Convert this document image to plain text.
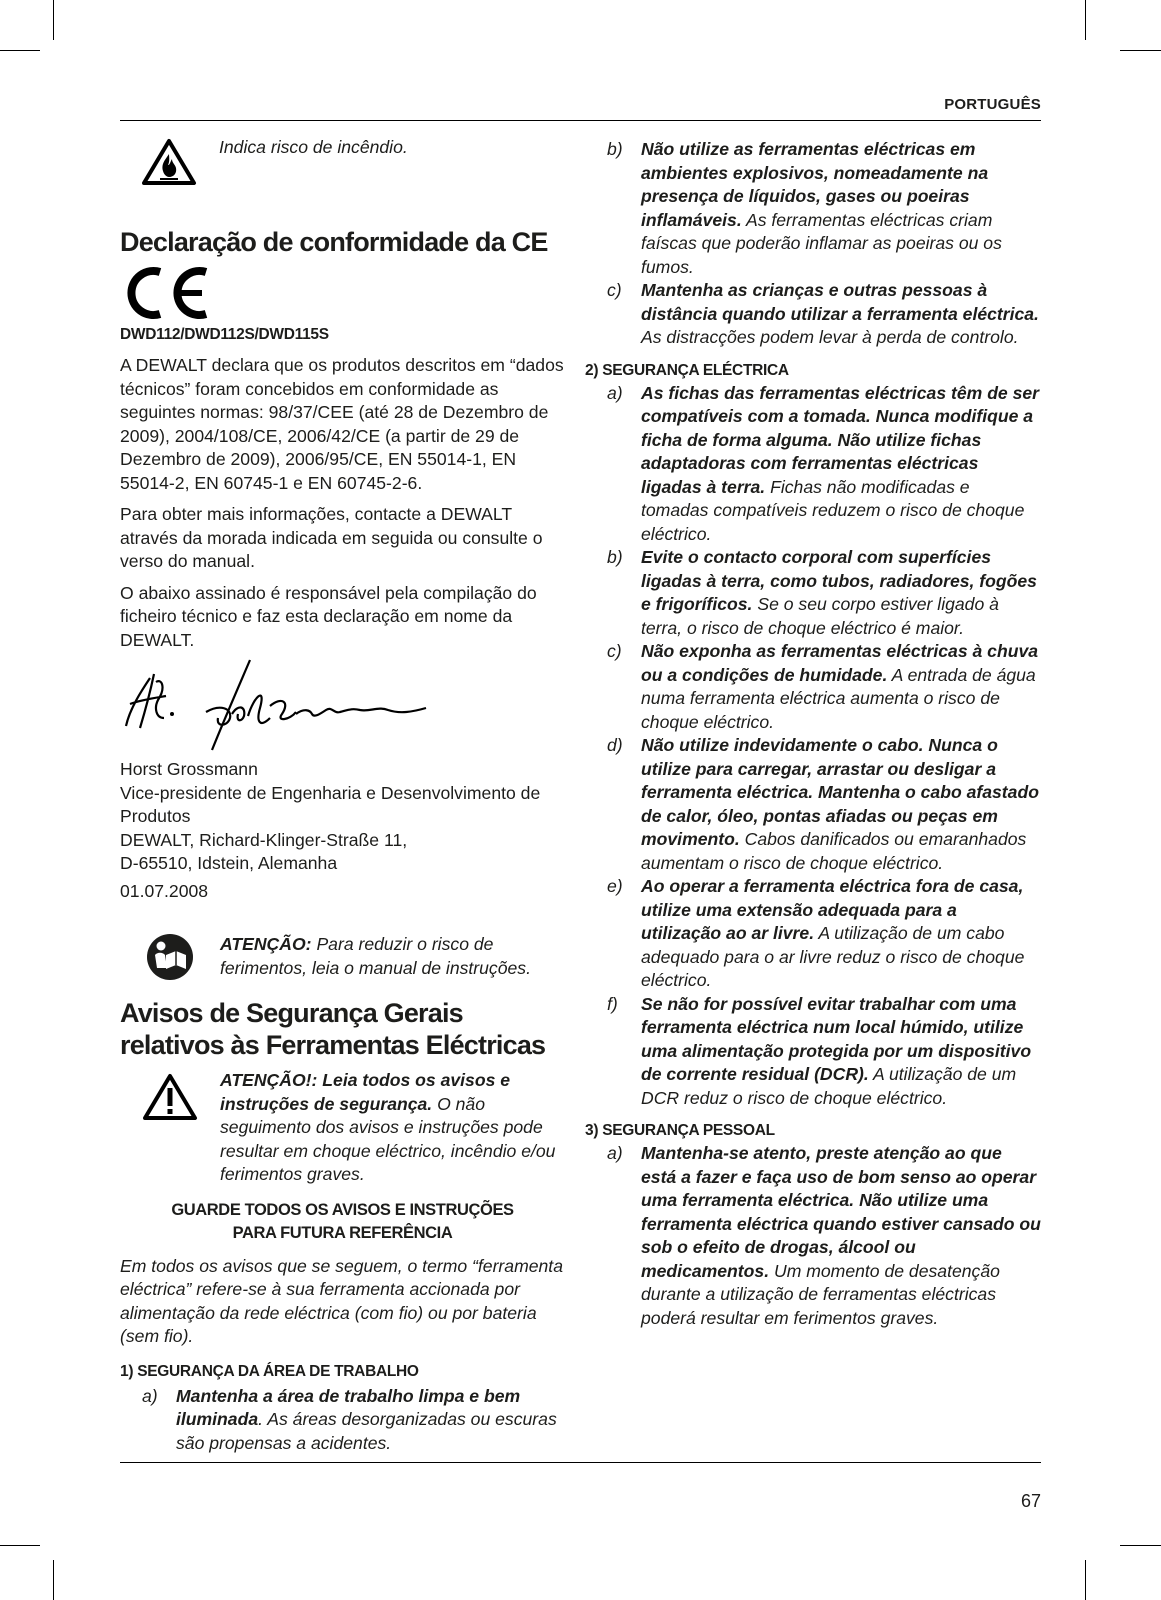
PORTUGUÊS

Indica risco de incêndio.

Declaração de conformidade da CE
DWD112/DWD112S/DWD115S

A DEWALT declara que os produtos descritos em “dados técnicos” foram concebidos em conformidade as seguintes normas: 98/37/CEE (até 28 de Dezembro de 2009), 2004/108/CE, 2006/42/CE (a partir de 29 de Dezembro de 2009), 2006/95/CE, EN 55014-1, EN 55014-2, EN 60745-1 e EN 60745-2-6.

Para obter mais informações, contacte a DEWALT através da morada indicada em seguida ou consulte o verso do manual.

O abaixo assinado é responsável pela compilação do ficheiro técnico e faz esta declaração em nome da DEWALT.

Horst Grossmann

Vice-presidente de Engenharia e Desenvolvimento de Produtos

DEWALT, Richard-Klinger-Straße 11,

D-65510, Idstein, Alemanha

01.07.2008

ATENÇÃO: Para reduzir o risco de ferimentos, leia o manual de instruções.

Avisos de Segurança Gerais relativos às Ferramentas Eléctricas

ATENÇÃO!: Leia todos os avisos e instruções de segurança. O não seguimento dos avisos e instruções pode resultar em choque eléctrico, incêndio e/ou ferimentos graves.

GUARDE TODOS OS AVISOS E INSTRUÇÕES
PARA FUTURA REFERÊNCIA

Em todos os avisos que se seguem, o termo “ferramenta eléctrica” refere-se à sua ferramenta accionada por alimentação da rede eléctrica (com fio) ou por bateria (sem fio).

1) SEGURANÇA DA ÁREA DE TRABALHO
a)	Mantenha a área de trabalho limpa e bem iluminada. As áreas desorganizadas ou escuras são propensas a acidentes.
b)	Não utilize as ferramentas eléctricas em ambientes explosivos, nomeadamente na presença de líquidos, gases ou poeiras inflamáveis. As ferramentas eléctricas criam faíscas que poderão inflamar as poeiras ou os fumos.
c)	Mantenha as crianças e outras pessoas à distância quando utilizar a ferramenta eléctrica. As distracções podem levar à perda de controlo.
2) SEGURANÇA ELÉCTRICA
a)	As fichas das ferramentas eléctricas têm de ser compatíveis com a tomada. Nunca modifique a ficha de forma alguma. Não utilize fichas adaptadoras com ferramentas eléctricas ligadas à terra. Fichas não modificadas e tomadas compatíveis reduzem o risco de choque eléctrico.
b)	Evite o contacto corporal com superfícies ligadas à terra, como tubos, radiadores, fogões e frigoríficos. Se o seu corpo estiver ligado à terra, o risco de choque eléctrico é maior.
c)	Não exponha as ferramentas eléctricas à chuva ou a condições de humidade. A entrada de água numa ferramenta eléctrica aumenta o risco de choque eléctrico.
d)	Não utilize indevidamente o cabo. Nunca o utilize para carregar, arrastar ou desligar a ferramenta eléctrica. Mantenha o cabo afastado de calor, óleo, pontas afiadas ou peças em movimento. Cabos danificados ou emaranhados aumentam o risco de choque eléctrico.
e)	Ao operar a ferramenta eléctrica fora de casa, utilize uma extensão adequada para a utilização ao ar livre. A utilização de um cabo adequado para o ar livre reduz o risco de choque eléctrico.
f)	Se não for possível evitar trabalhar com uma ferramenta eléctrica num local húmido, utilize uma alimentação protegida por um dispositivo de corrente residual (DCR). A utilização de um DCR reduz o risco de choque eléctrico.
3) SEGURANÇA PESSOAL
a)	Mantenha-se atento, preste atenção ao que está a fazer e faça uso de bom senso ao operar uma ferramenta eléctrica. Não utilize uma ferramenta eléctrica quando estiver cansado ou sob o efeito de drogas, álcool ou medicamentos. Um momento de desatenção durante a utilização de ferramentas eléctricas poderá resultar em ferimentos graves.
67
